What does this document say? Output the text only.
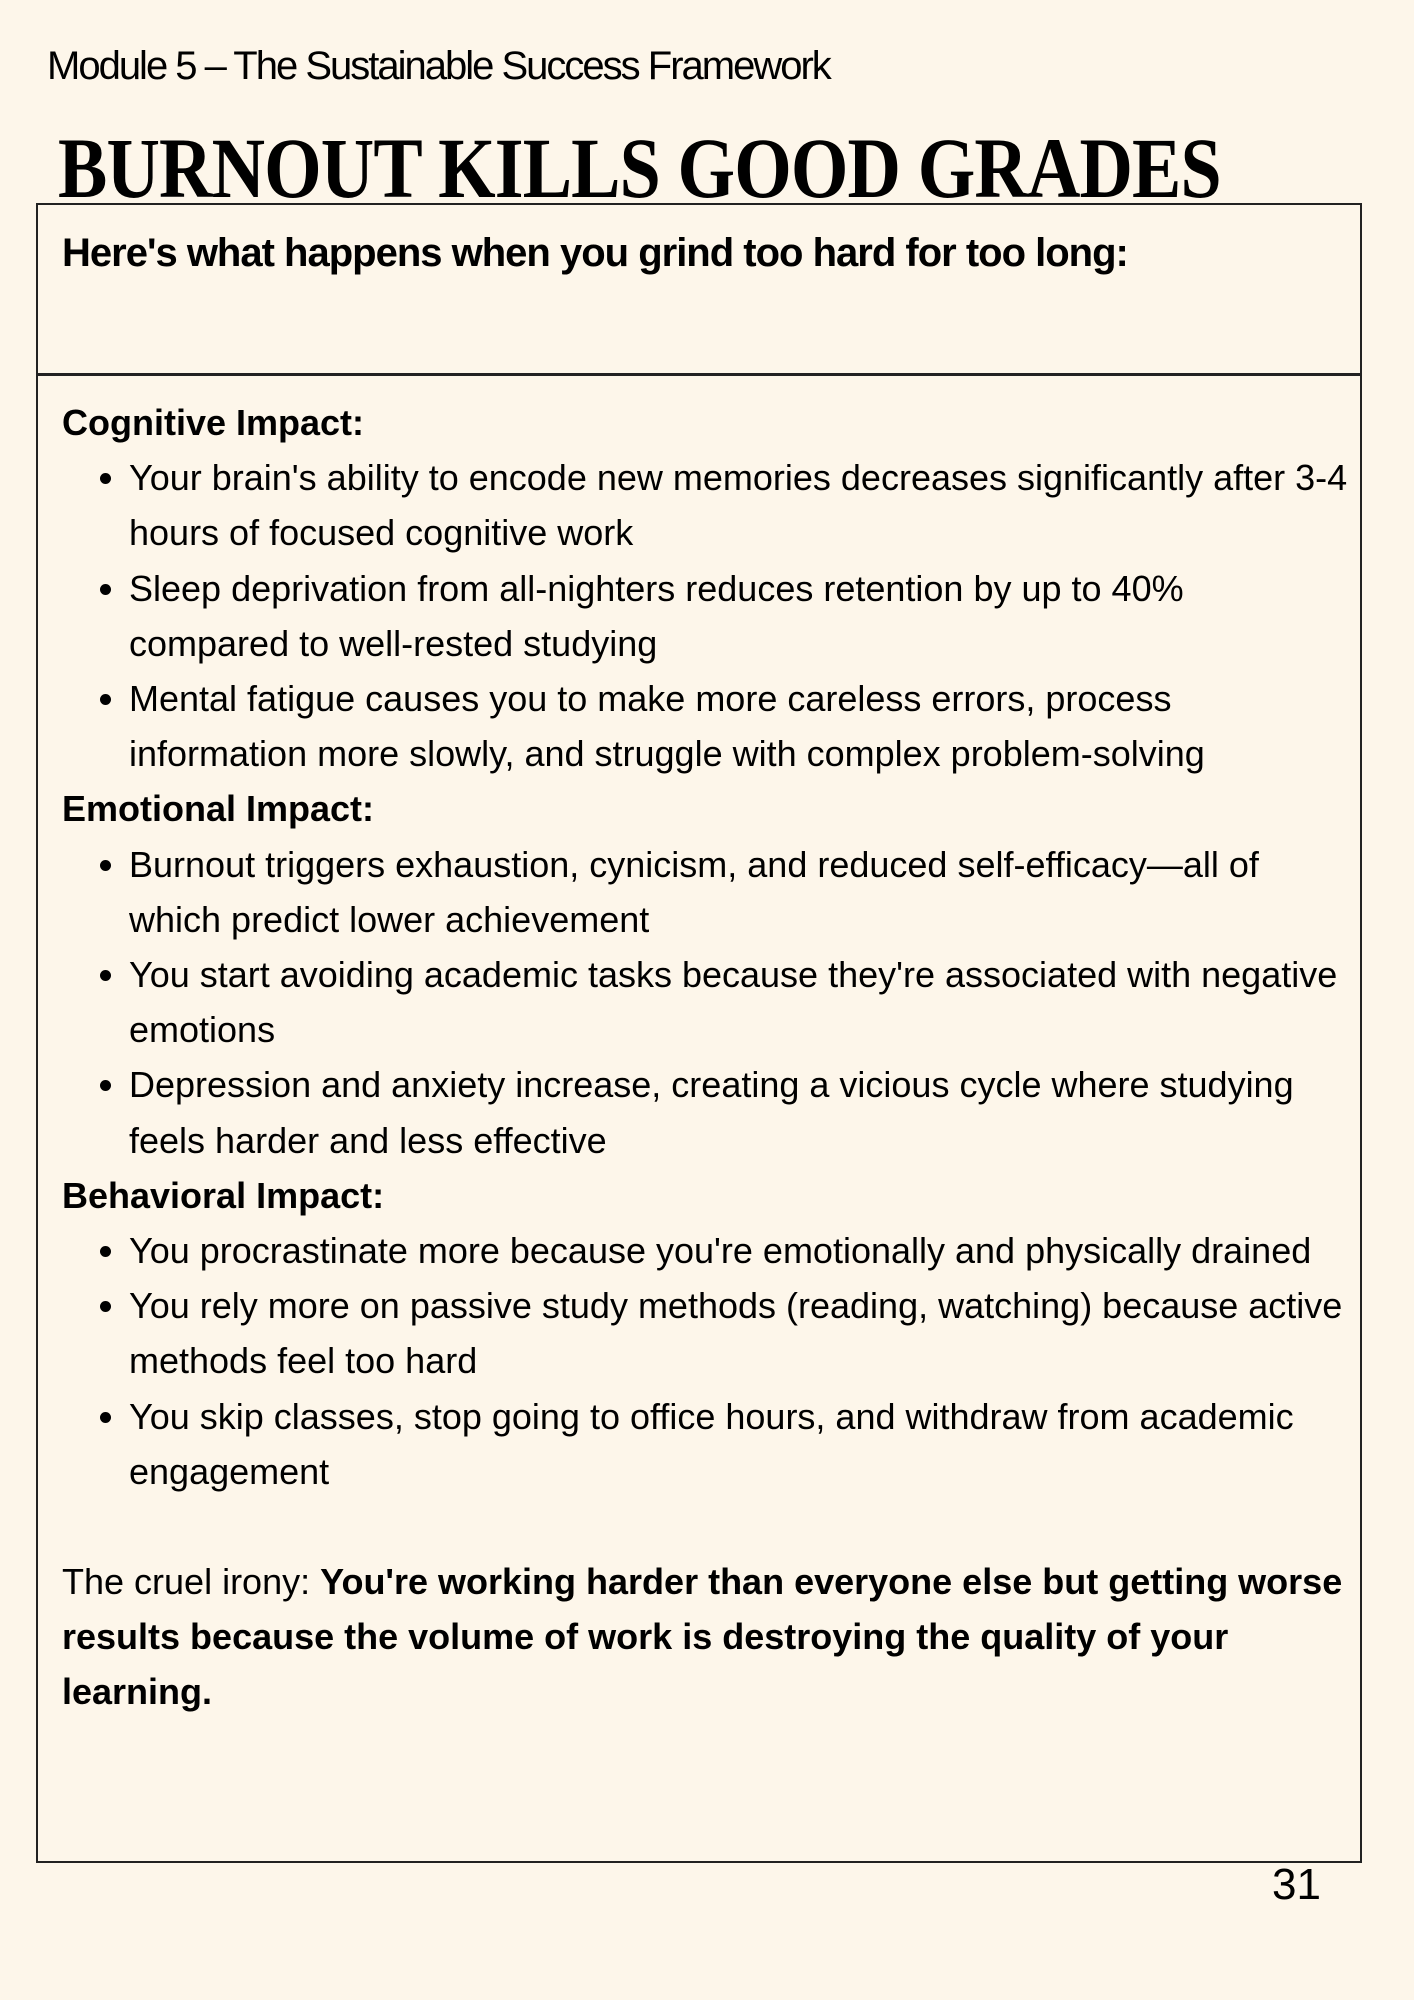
Module 5 – The Sustainable Success Framework
BURNOUT KILLS GOOD GRADES
Here's what happens when you grind too hard for too long:
Cognitive Impact:
• Your brain's ability to encode new memories decreases significantly after 3-4 hours of focused cognitive work
• Sleep deprivation from all-nighters reduces retention by up to 40% compared to well-rested studying
• Mental fatigue causes you to make more careless errors, process information more slowly, and struggle with complex problem-solving
Emotional Impact:
• Burnout triggers exhaustion, cynicism, and reduced self-efficacy—all of which predict lower achievement
• You start avoiding academic tasks because they're associated with negative emotions
• Depression and anxiety increase, creating a vicious cycle where studying feels harder and less effective
Behavioral Impact:
• You procrastinate more because you're emotionally and physically drained
• You rely more on passive study methods (reading, watching) because active methods feel too hard
• You skip classes, stop going to office hours, and withdraw from academic engagement
The cruel irony: You're working harder than everyone else but getting worse results because the volume of work is destroying the quality of your learning.
31
